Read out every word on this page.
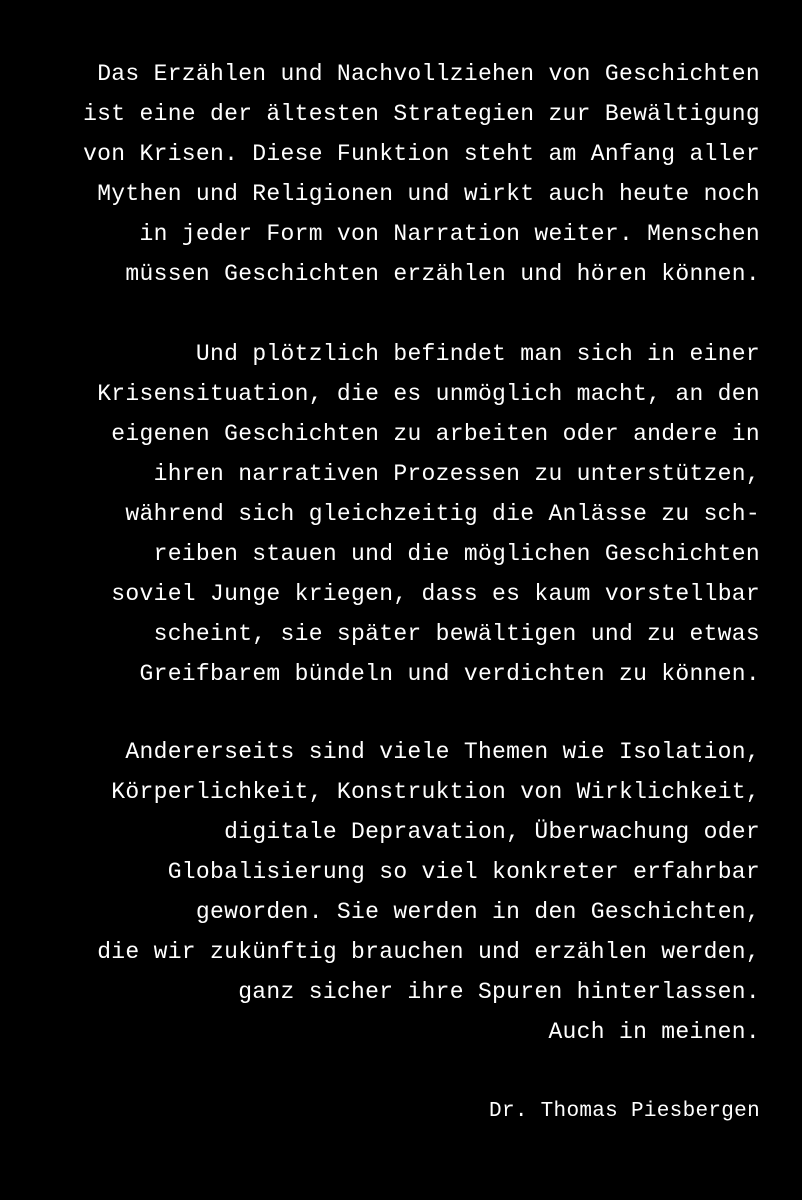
Das Erzählen und Nachvollziehen von Geschichten
ist eine der ältesten Strategien zur Bewältigung
von Krisen. Diese Funktion steht am Anfang aller
Mythen und Religionen und wirkt auch heute noch
in jeder Form von Narration weiter. Menschen
müssen Geschichten erzählen und hören können.
Und plötzlich befindet man sich in einer
Krisensituation, die es unmöglich macht, an den
eigenen Geschichten zu arbeiten oder andere in
ihren narrativen Prozessen zu unterstützen,
während sich gleichzeitig die Anlässe zu sch-
reiben stauen und die möglichen Geschichten
soviel Junge kriegen, dass es kaum vorstellbar
scheint, sie später bewältigen und zu etwas
Greifbarem bündeln und verdichten zu können.
Andererseits sind viele Themen wie Isolation,
Körperlichkeit, Konstruktion von Wirklichkeit,
digitale Depravation, Überwachung oder
Globalisierung so viel konkreter erfahrbar
geworden. Sie werden in den Geschichten,
die wir zukünftig brauchen und erzählen werden,
ganz sicher ihre Spuren hinterlassen.
Auch in meinen.
Dr. Thomas Piesbergen
